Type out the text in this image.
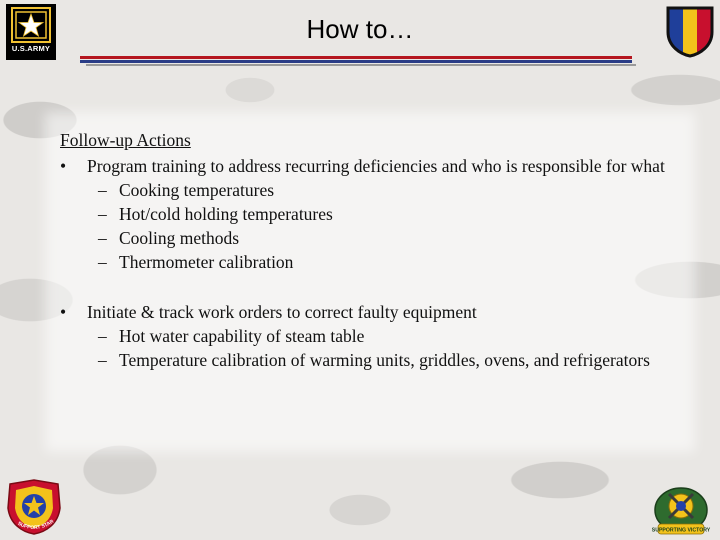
U.S.ARMY
How to…
Follow-up Actions
• Program training to address recurring deficiencies and who is responsible for what
– Cooking temperatures
– Hot/cold holding temperatures
– Cooling methods
– Thermometer calibration
• Initiate & track work orders to correct faulty equipment
– Hot water capability of steam table
– Temperature calibration of warming units, griddles, ovens, and refrigerators
SUPPORT STAR
SUPPORTING VICTORY
